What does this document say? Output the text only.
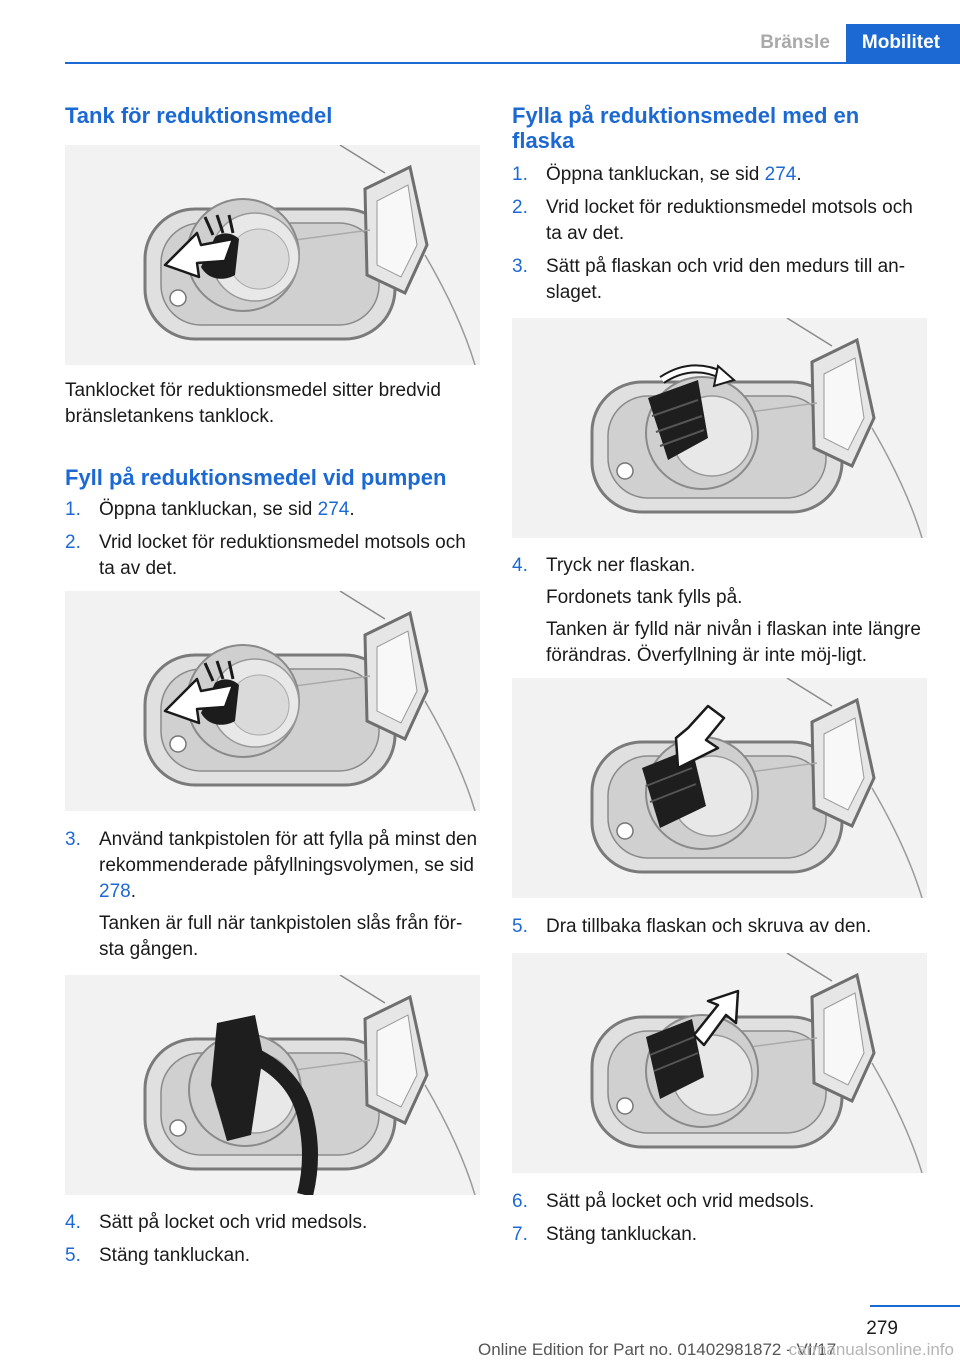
Bränsle	Mobilitet
Tank för reduktionsmedel

Tanklocket för reduktionsmedel sitter bredvid bränsletankens tanklock.

Fyll på reduktionsmedel vid pumpen
1. Öppna tankluckan, se sid 274.
2. Vrid locket för reduktionsmedel motsols och ta av det.
3. Använd tankpistolen för att fylla på minst den rekommenderade påfyllningsvolymen, se sid 278.
Tanken är full när tankpistolen slås från för-sta gången.
4. Sätt på locket och vrid medsols.
5. Stäng tankluckan.
Fylla på reduktionsmedel med en flaska
1. Öppna tankluckan, se sid 274.
2. Vrid locket för reduktionsmedel motsols och ta av det.
3. Sätt på flaskan och vrid den medurs till an-slaget.
4. Tryck ner flaskan.
Fordonets tank fylls på.
Tanken är fylld när nivån i flaskan inte längre förändras. Överfyllning är inte möj-ligt.
5. Dra tillbaka flaskan och skruva av den.
6. Sätt på locket och vrid medsols.
7. Stäng tankluckan.
279
Online Edition for Part no. 01402981872 - VI/17
carmanualsonline.info
